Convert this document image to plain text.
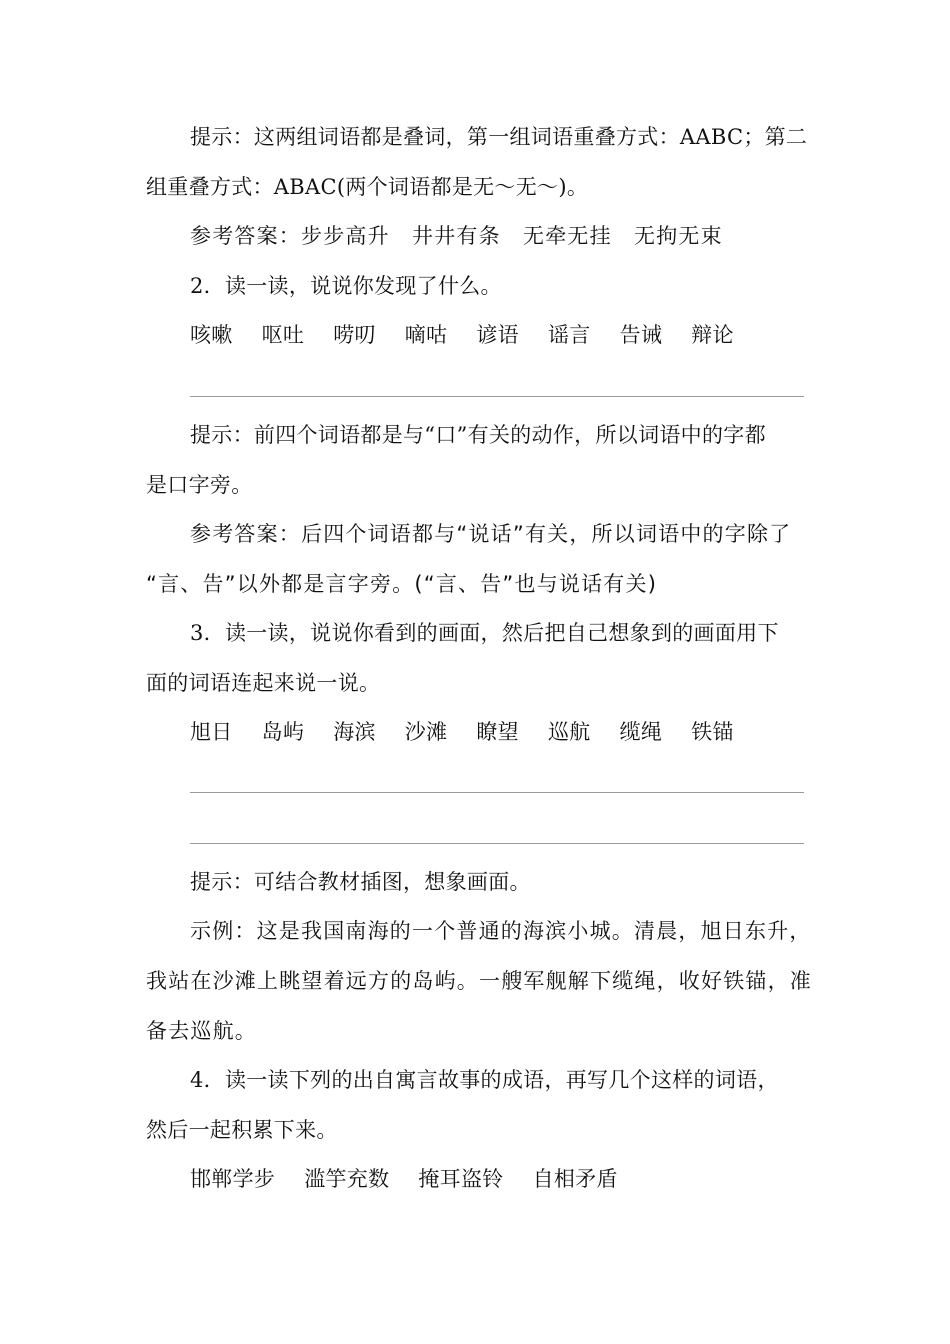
提示：这两组词语都是叠词，第一组词语重叠方式：AABC；第二
组重叠方式：ABAC(两个词语都是无～无～)。
参考答案：步步高升　井井有条　无牵无挂　无拘无束
2．读一读，说说你发现了什么。
咳嗽 呕吐 唠叨 嘀咕 谚语 谣言 告诫 辩论
提示：前四个词语都是与“口”有关的动作，所以词语中的字都
是口字旁。
参考答案：后四个词语都与“说话”有关，所以词语中的字除了
“言、告”以外都是言字旁。(“言、告”也与说话有关)
3．读一读，说说你看到的画面，然后把自己想象到的画面用下
面的词语连起来说一说。
旭日 岛屿 海滨 沙滩 瞭望 巡航 缆绳 铁锚
提示：可结合教材插图，想象画面。
示例：这是我国南海的一个普通的海滨小城。清晨，旭日东升，
我站在沙滩上眺望着远方的岛屿。一艘军舰解下缆绳，收好铁锚，准
备去巡航。
4．读一读下列的出自寓言故事的成语，再写几个这样的词语，
然后一起积累下来。
邯郸学步 滥竽充数 掩耳盗铃 自相矛盾
